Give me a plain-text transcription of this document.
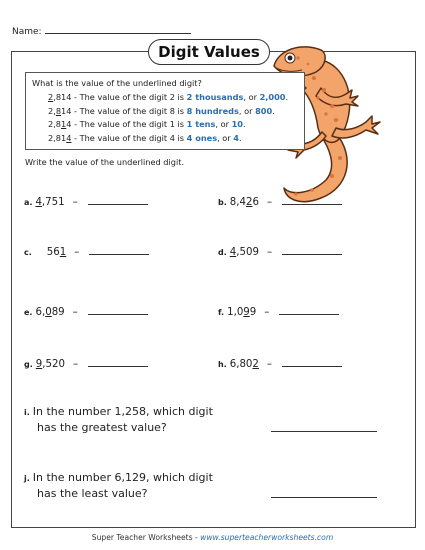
Name:
Digit Values
What is the value of the underlined digit?
2,814 - The value of the digit 2 is 2 thousands, or 2,000.
2,814 - The value of the digit 8 is 8 hundreds, or 800.
2,814 - The value of the digit 1 is 1 tens, or 10.
2,814 - The value of the digit 4 is 4 ones, or 4.
Write the value of the underlined digit.
a. 4,751 –	b. 8,426 –
c. 561 –	d. 4,509 –
e. 6,089 –	f. 1,099 –
g. 9,520 –	h. 6,802 –
i. In the number 1,258, which digit
has the greatest value?
j. In the number 6,129, which digit
has the least value?
Super Teacher Worksheets - www.superteacherworksheets.com
